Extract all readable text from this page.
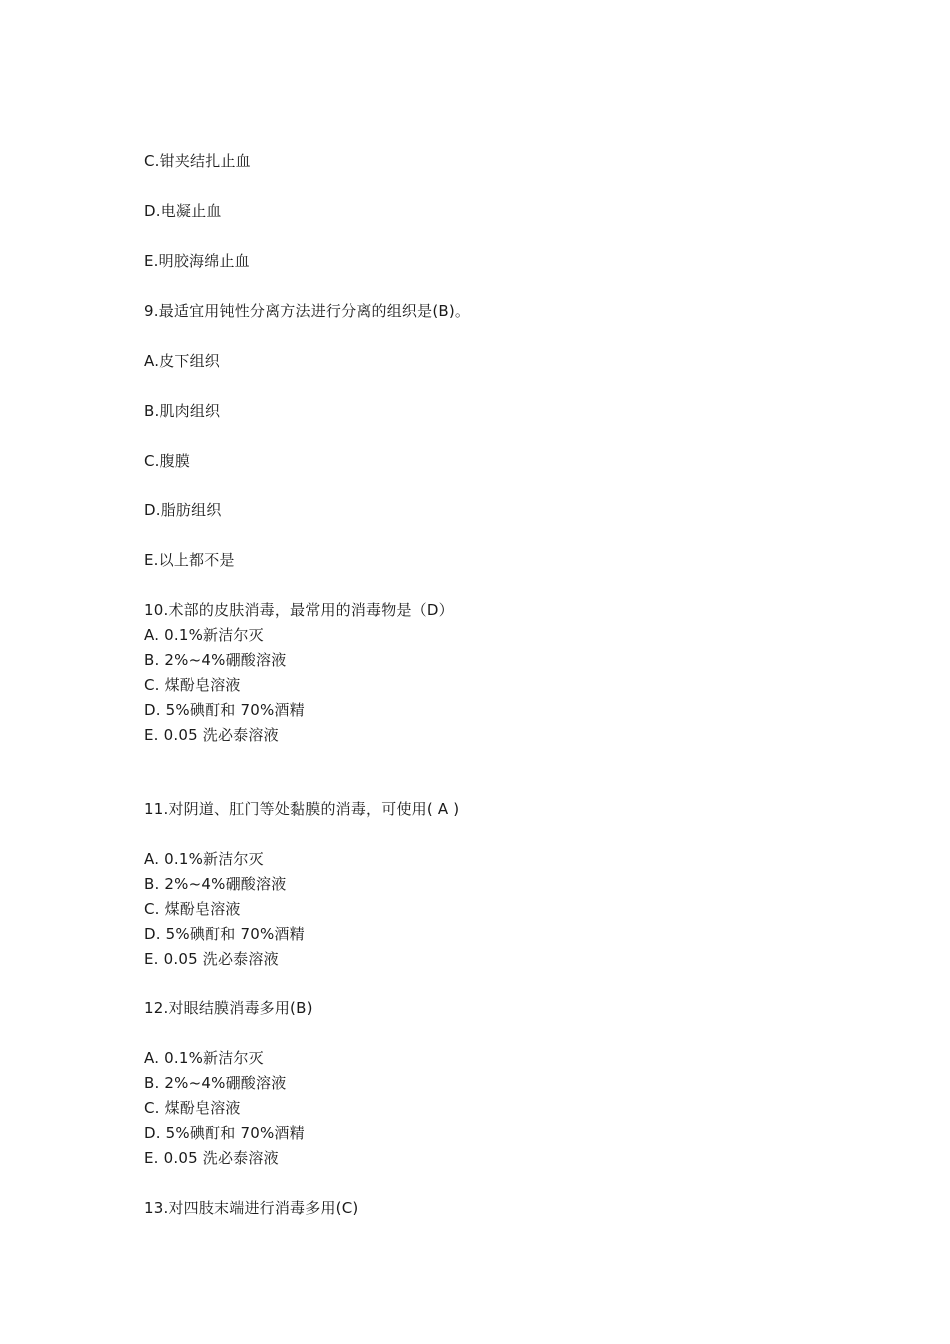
C.钳夹结扎止血
D.电凝止血
E.明胶海绵止血
9.最适宜用钝性分离方法进行分离的组织是(B)。
A.皮下组织
B.肌肉组织
C.腹膜
D.脂肪组织
E.以上都不是
10.术部的皮肤消毒，最常用的消毒物是（D）
A. 0.1%新洁尔灭
B. 2%~4%硼酸溶液
C. 煤酚皂溶液
D. 5%碘酊和 70%酒精
E. 0.05 洗必泰溶液
11.对阴道、肛门等处黏膜的消毒，可使用( A )
A. 0.1%新洁尔灭
B. 2%~4%硼酸溶液
C. 煤酚皂溶液
D. 5%碘酊和 70%酒精
E. 0.05 洗必泰溶液
12.对眼结膜消毒多用(B)
A. 0.1%新洁尔灭
B. 2%~4%硼酸溶液
C. 煤酚皂溶液
D. 5%碘酊和 70%酒精
E. 0.05 洗必泰溶液
13.对四肢末端进行消毒多用(C)
